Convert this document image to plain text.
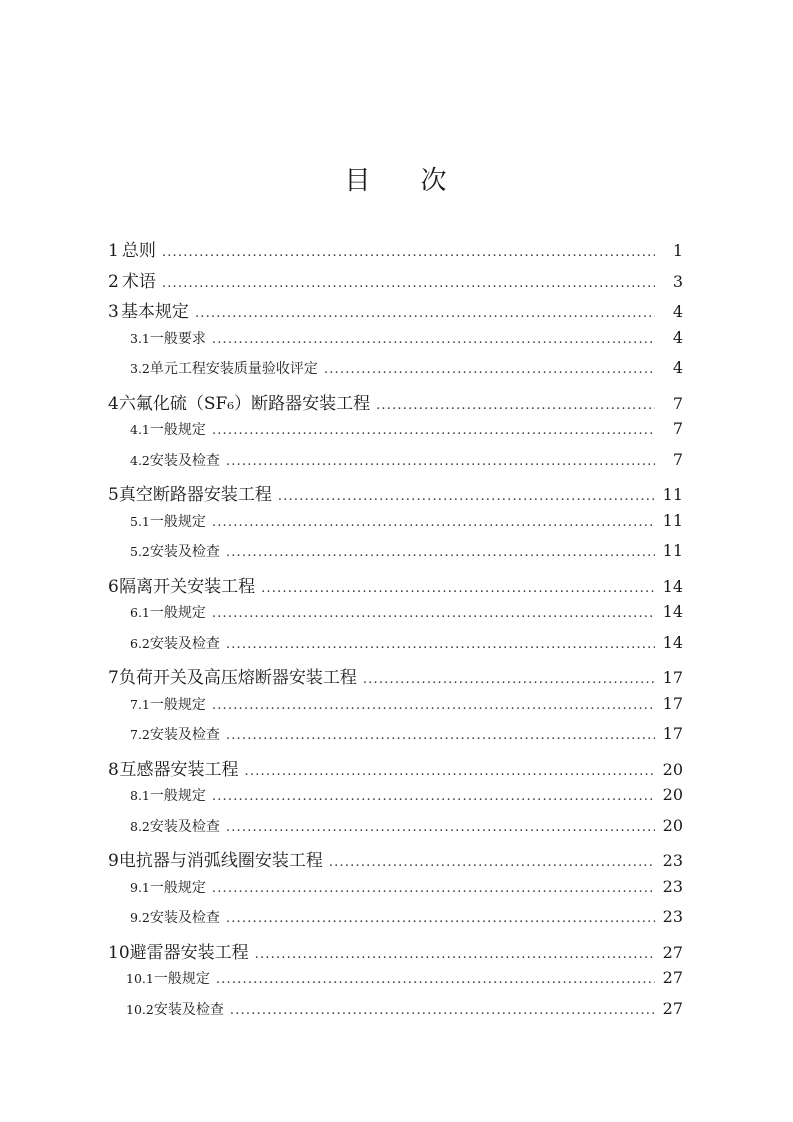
目 次
1 总则 .....	1
2 术语 .....	3
3 基本规定 .....	4
3.1 一般要求 .....	4
3.2 单元工程安装质量验收评定 .....	4
4 六氟化硫（SF₆）断路器安装工程 .....	7
4.1 一般规定 .....	7
4.2 安装及检查 .....	7
5 真空断路器安装工程 .....	11
5.1 一般规定 .....	11
5.2 安装及检查 .....	11
6 隔离开关安装工程 .....	14
6.1 一般规定 .....	14
6.2 安装及检查 .....	14
7 负荷开关及高压熔断器安装工程 .....	17
7.1 一般规定 .....	17
7.2 安装及检查 .....	17
8 互感器安装工程 .....	20
8.1 一般规定 .....	20
8.2 安装及检查 .....	20
9 电抗器与消弧线圈安装工程 .....	23
9.1 一般规定 .....	23
9.2 安装及检查 .....	23
10 避雷器安装工程 .....	27
10.1 一般规定 .....	27
10.2 安装及检查 .....	27
